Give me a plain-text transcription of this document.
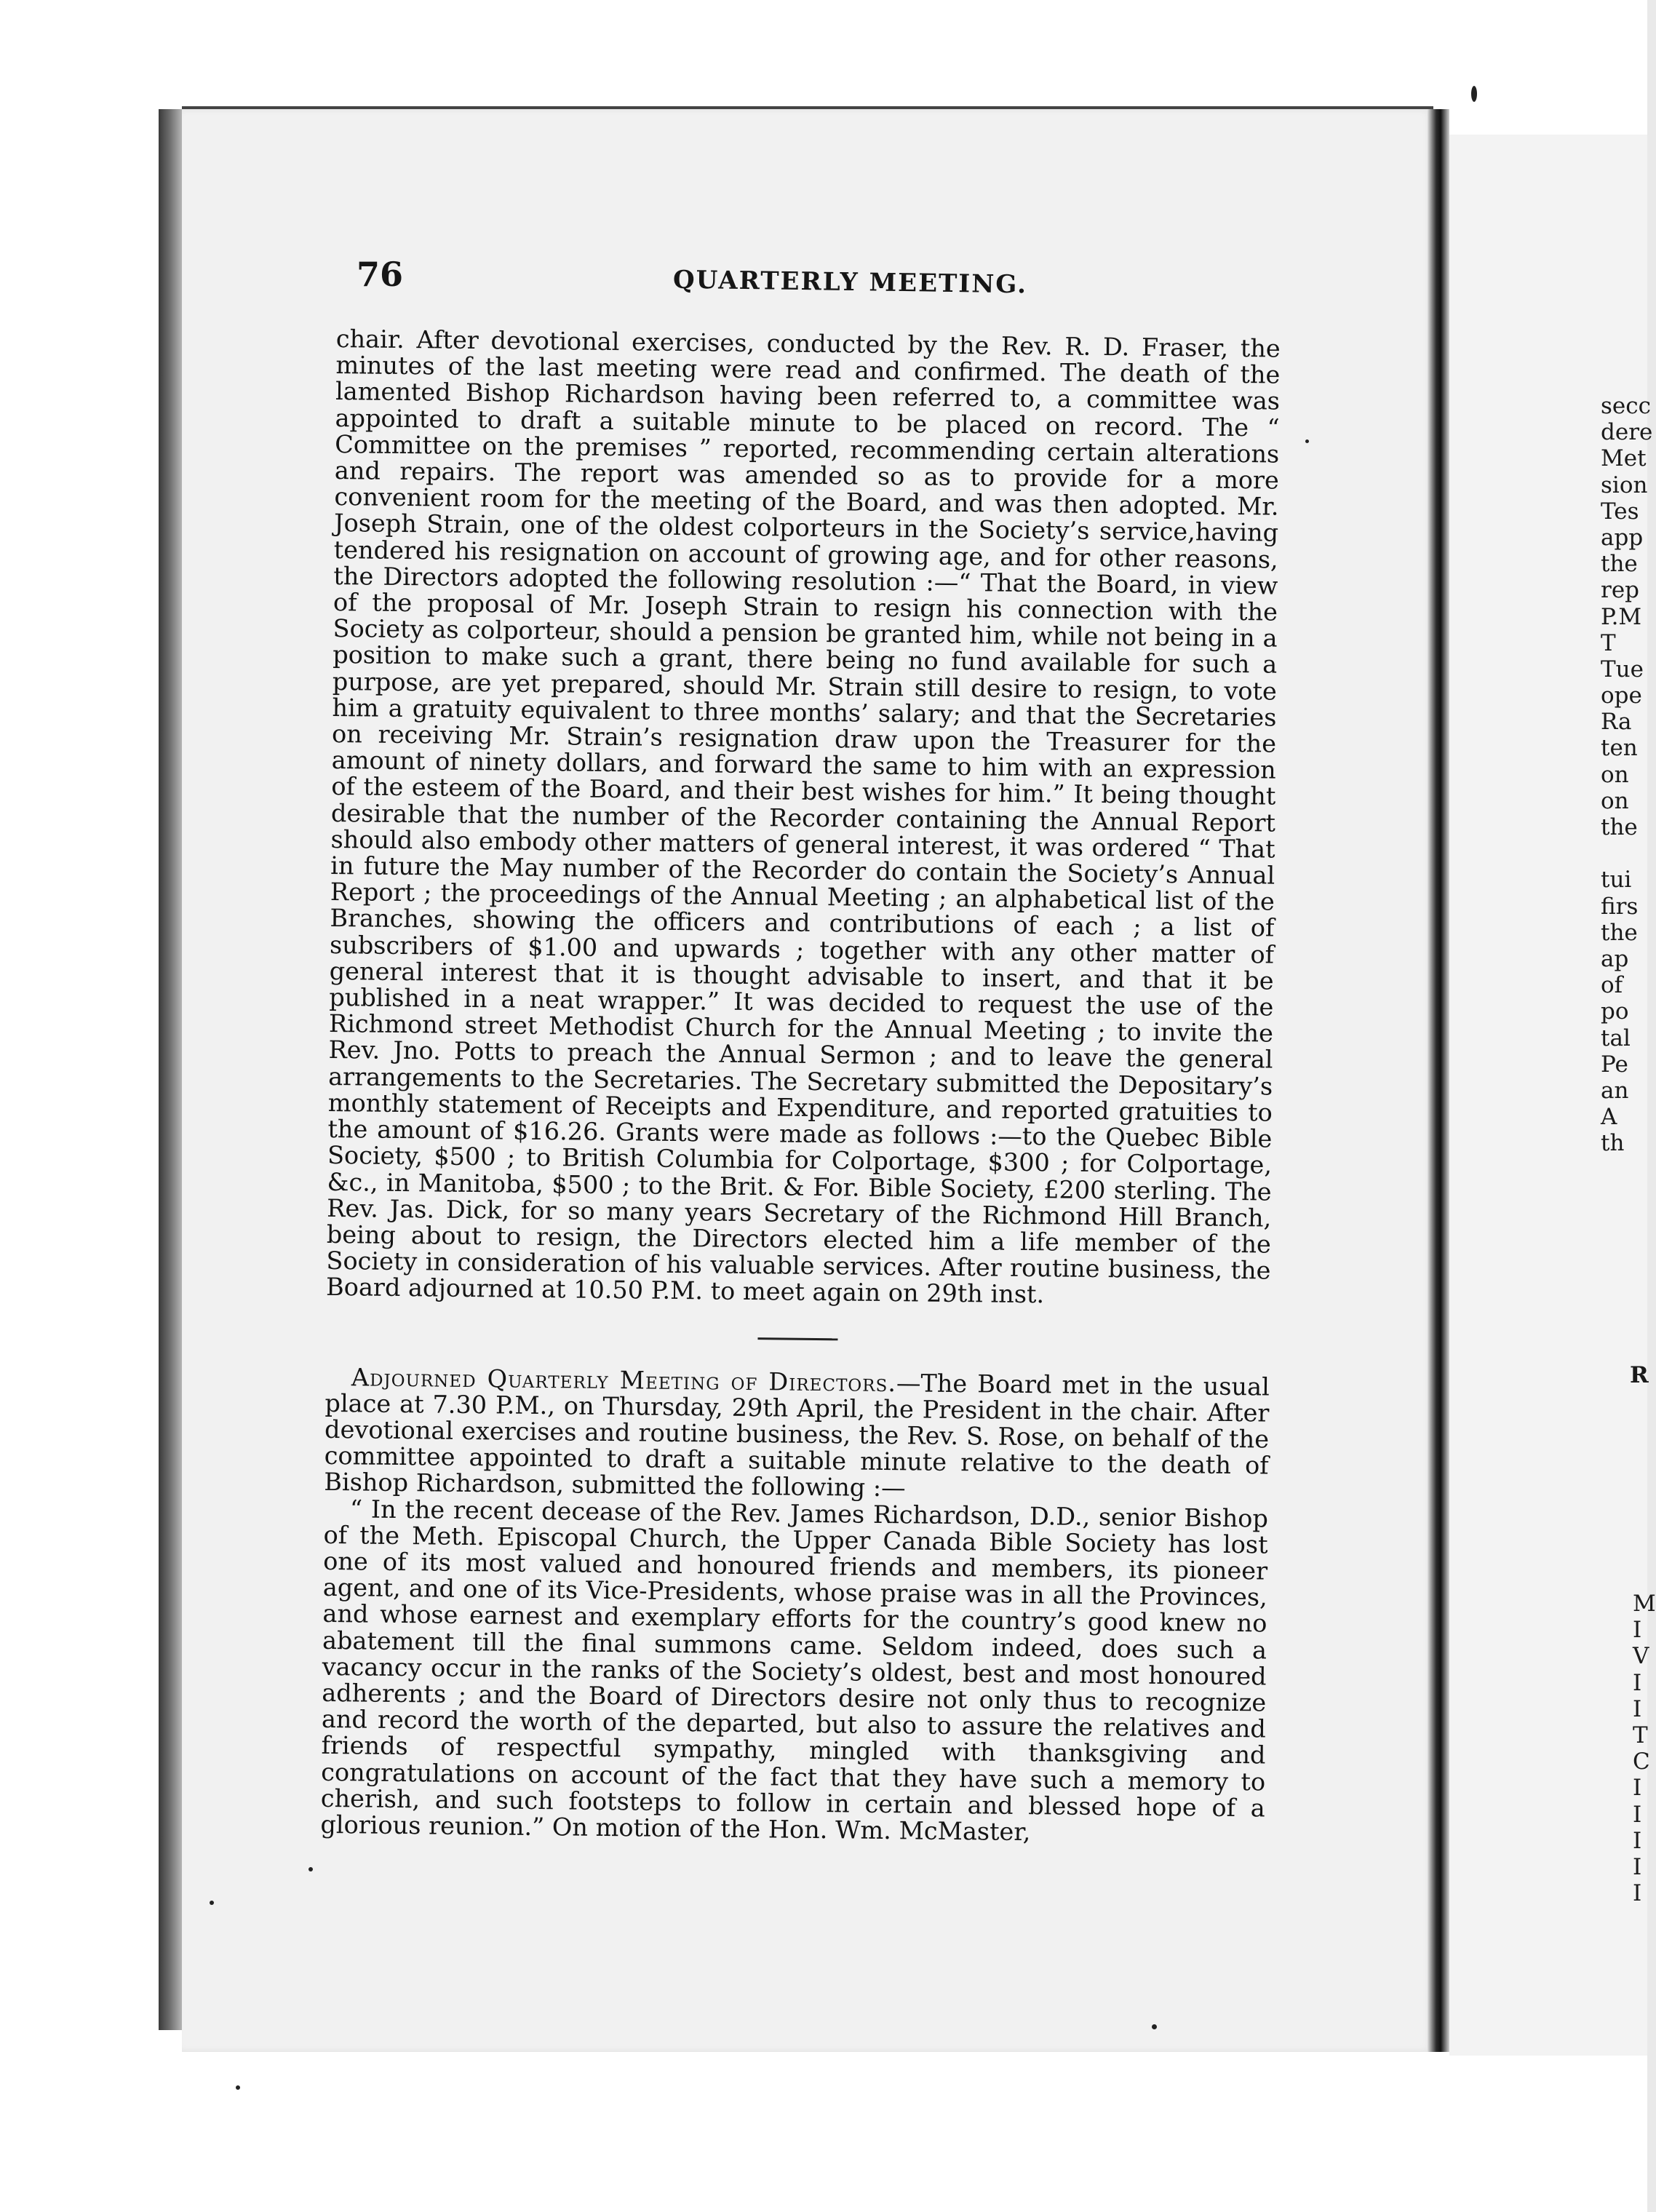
76	QUARTERLY MEETING.

chair. After devotional exercises, conducted by the Rev. R. D. Fraser, the minutes of the last meeting were read and confirmed. The death of the lamented Bishop Richardson having been referred to, a committee was appointed to draft a suitable minute to be placed on record. The “ Committee on the premises ” reported, recommending certain alterations and repairs. The report was amended so as to provide for a more convenient room for the meeting of the Board, and was then adopted. Mr. Joseph Strain, one of the oldest colporteurs in the Society’s service,having tendered his resignation on account of growing age, and for other reasons, the Directors adopted the following resolution :—“ That the Board, in view of the proposal of Mr. Joseph Strain to resign his connection with the Society as colporteur, should a pension be granted him, while not being in a position to make such a grant, there being no fund available for such a purpose, are yet prepared, should Mr. Strain still desire to resign, to vote him a gratuity equivalent to three months’ salary; and that the Secretaries on receiving Mr. Strain’s resignation draw upon the Treasurer for the amount of ninety dollars, and forward the same to him with an expression of the esteem of the Board, and their best wishes for him.” It being thought desirable that the number of the Recorder containing the Annual Report should also embody other matters of general interest, it was ordered “ That in future the May number of the Recorder do contain the Society’s Annual Report ; the proceedings of the Annual Meeting ; an alphabetical list of the Branches, showing the officers and contributions of each ; a list of subscribers of $1.00 and upwards ; together with any other matter of general interest that it is thought advisable to insert, and that it be published in a neat wrapper.” It was decided to request the use of the Richmond street Methodist Church for the Annual Meeting ; to invite the Rev. Jno. Potts to preach the Annual Sermon ; and to leave the general arrangements to the Secretaries. The Secretary submitted the Depositary’s monthly statement of Receipts and Expenditure, and reported gratuities to the amount of $16.26. Grants were made as follows :—to the Quebec Bible Society, $500 ; to British Columbia for Colportage, $300 ; for Colportage, &c., in Manitoba, $500 ; to the Brit. & For. Bible Society, £200 sterling. The Rev. Jas. Dick, for so many years Secretary of the Richmond Hill Branch, being about to resign, the Directors elected him a life member of the Society in consideration of his valuable services. After routine business, the Board adjourned at 10.50 P.M. to meet again on 29th inst.

Adjourned Quarterly Meeting of Directors.—The Board met in the usual place at 7.30 P.M., on Thursday, 29th April, the President in the chair. After devotional exercises and routine business, the Rev. S. Rose, on behalf of the committee appointed to draft a suitable minute relative to the death of Bishop Richardson, submitted the following :—

“ In the recent decease of the Rev. James Richardson, D.D., senior Bishop of the Meth. Episcopal Church, the Upper Canada Bible Society has lost one of its most valued and honoured friends and members, its pioneer agent, and one of its Vice-Presidents, whose praise was in all the Provinces, and whose earnest and exemplary efforts for the country’s good knew no abatement till the final summons came. Seldom indeed, does such a vacancy occur in the ranks of the Society’s oldest, best and most honoured adherents ; and the Board of Directors desire not only thus to recognize and record the worth of the departed, but also to assure the relatives and friends of respectful sympathy, mingled with thanksgiving and congratulations on account of the fact that they have such a memory to cherish, and such footsteps to follow in certain and blessed hope of a glorious reunion.” On motion of the Hon. Wm. McMaster,

secc
dere
Met
sion
Tes
app
the
rep
P.M
T
Tue
ope
Ra
ten
on
on
the
tui
firs
the
ap
of
po
tal
Pe
an
A
th
R
M
I
V
I
I
T
C
I
I
I
I
I
